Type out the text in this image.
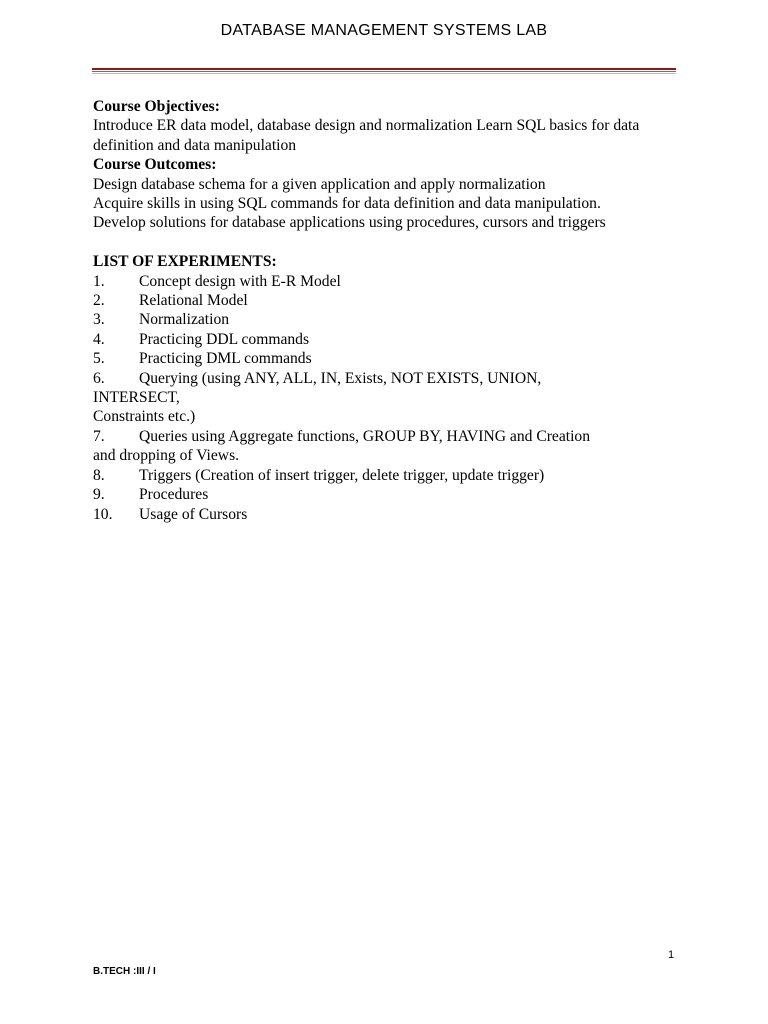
DATABASE MANAGEMENT SYSTEMS LAB

Course Objectives:

Introduce ER data model, database design and normalization Learn SQL basics for data definition and data manipulation

Course Outcomes:

Design database schema for a given application and apply normalization

Acquire skills in using SQL commands for data definition and data manipulation.

Develop solutions for database applications using procedures, cursors and triggers

LIST OF EXPERIMENTS:

1.	Concept design with E-R Model
2.	Relational Model
3.	Normalization
4.	Practicing DDL commands
5.	Practicing DML commands
6.	Querying (using ANY, ALL, IN, Exists, NOT EXISTS, UNION,

INTERSECT,

Constraints etc.)

7.	Queries using Aggregate functions, GROUP BY, HAVING and Creation

and dropping of Views.

8.	Triggers (Creation of insert trigger, delete trigger, update trigger)
9.	Procedures
10.	Usage of Cursors
1
B.TECH :III / I
